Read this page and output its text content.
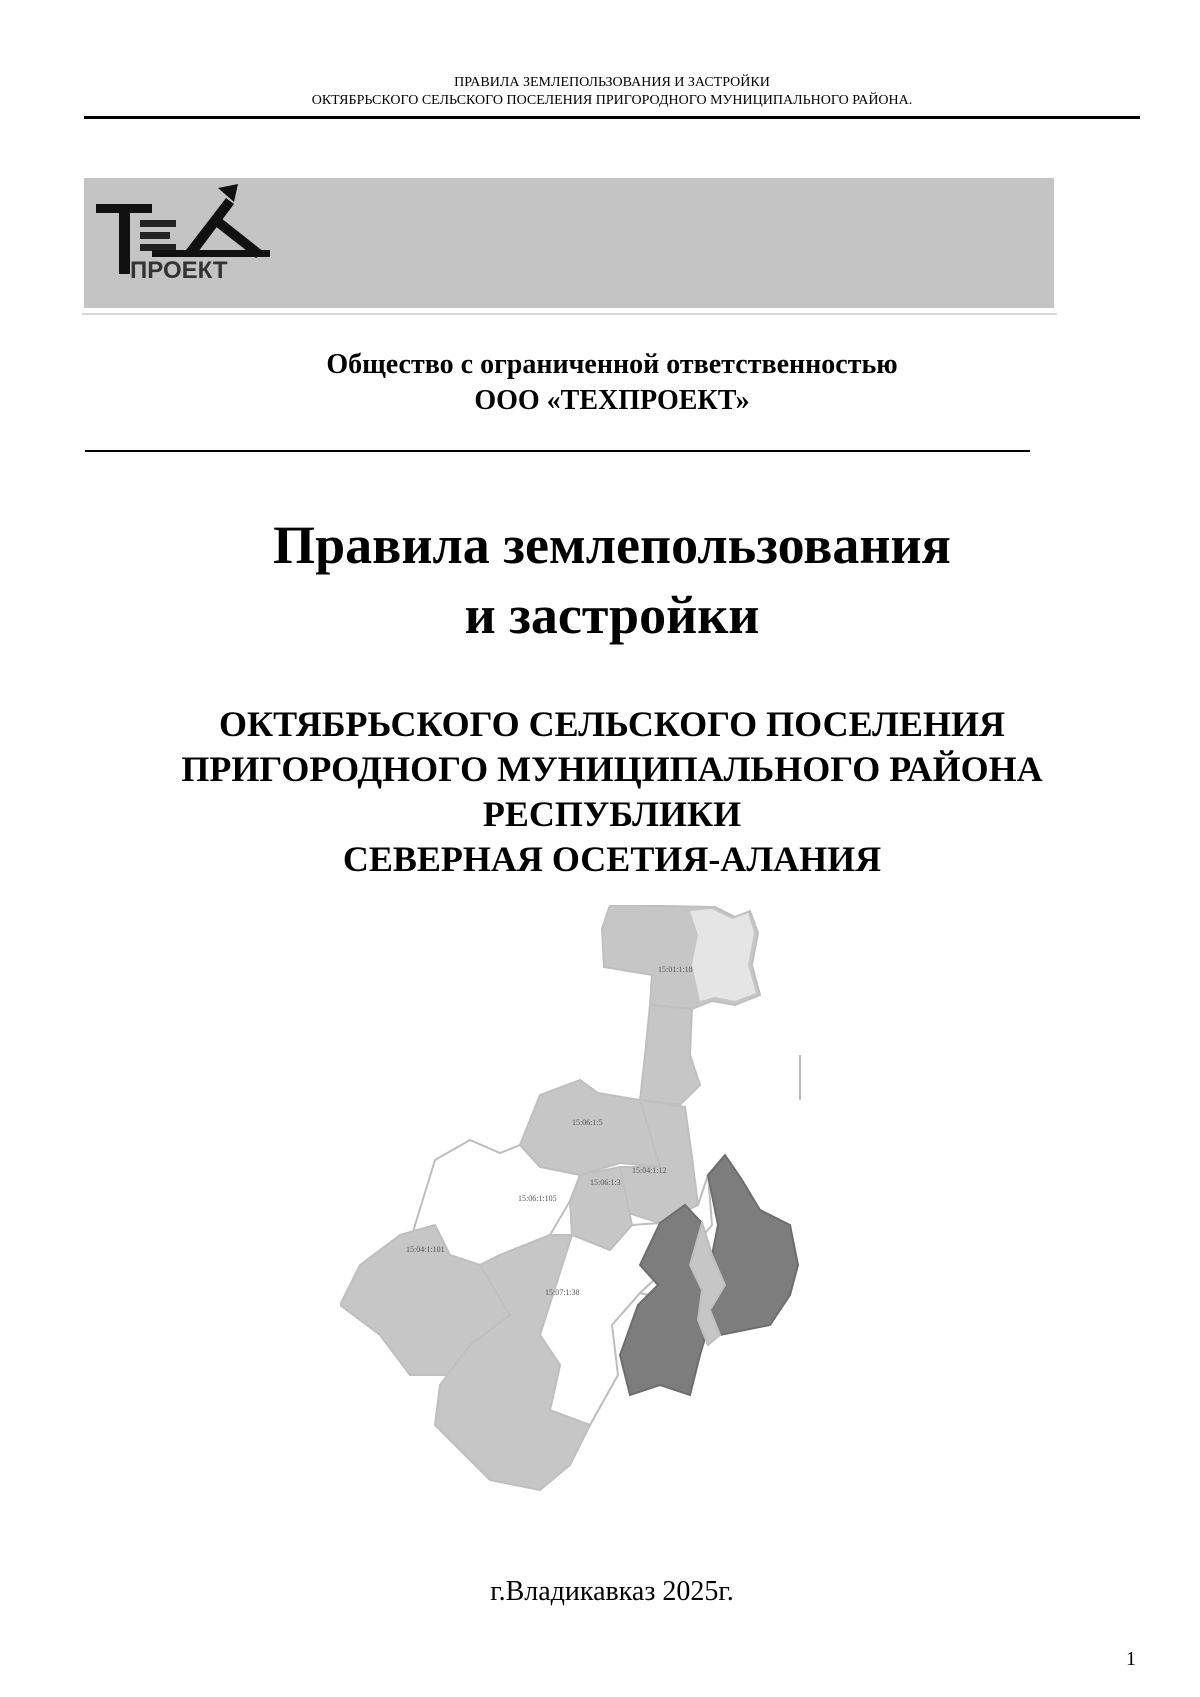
ПРАВИЛА ЗЕМЛЕПОЛЬЗОВАНИЯ И ЗАСТРОЙКИ
ОКТЯБРЬСКОГО СЕЛЬСКОГО ПОСЕЛЕНИЯ ПРИГОРОДНОГО МУНИЦИПАЛЬНОГО РАЙОНА.
ПРОЕКТ
Общество с ограниченной ответственностью
ООО «ТЕХПРОЕКТ»
Правила землепользования
и застройки
ОКТЯБРЬСКОГО СЕЛЬСКОГО ПОСЕЛЕНИЯ
ПРИГОРОДНОГО МУНИЦИПАЛЬНОГО РАЙОНА
РЕСПУБЛИКИ
СЕВЕРНАЯ ОСЕТИЯ-АЛАНИЯ
15:01:1:18
15:06:1:5
15:04:1:12
15:06:1:3
15:06:1:105
15:04:1:101
15:07:1:38
г.Владикавказ 2025г.
1
